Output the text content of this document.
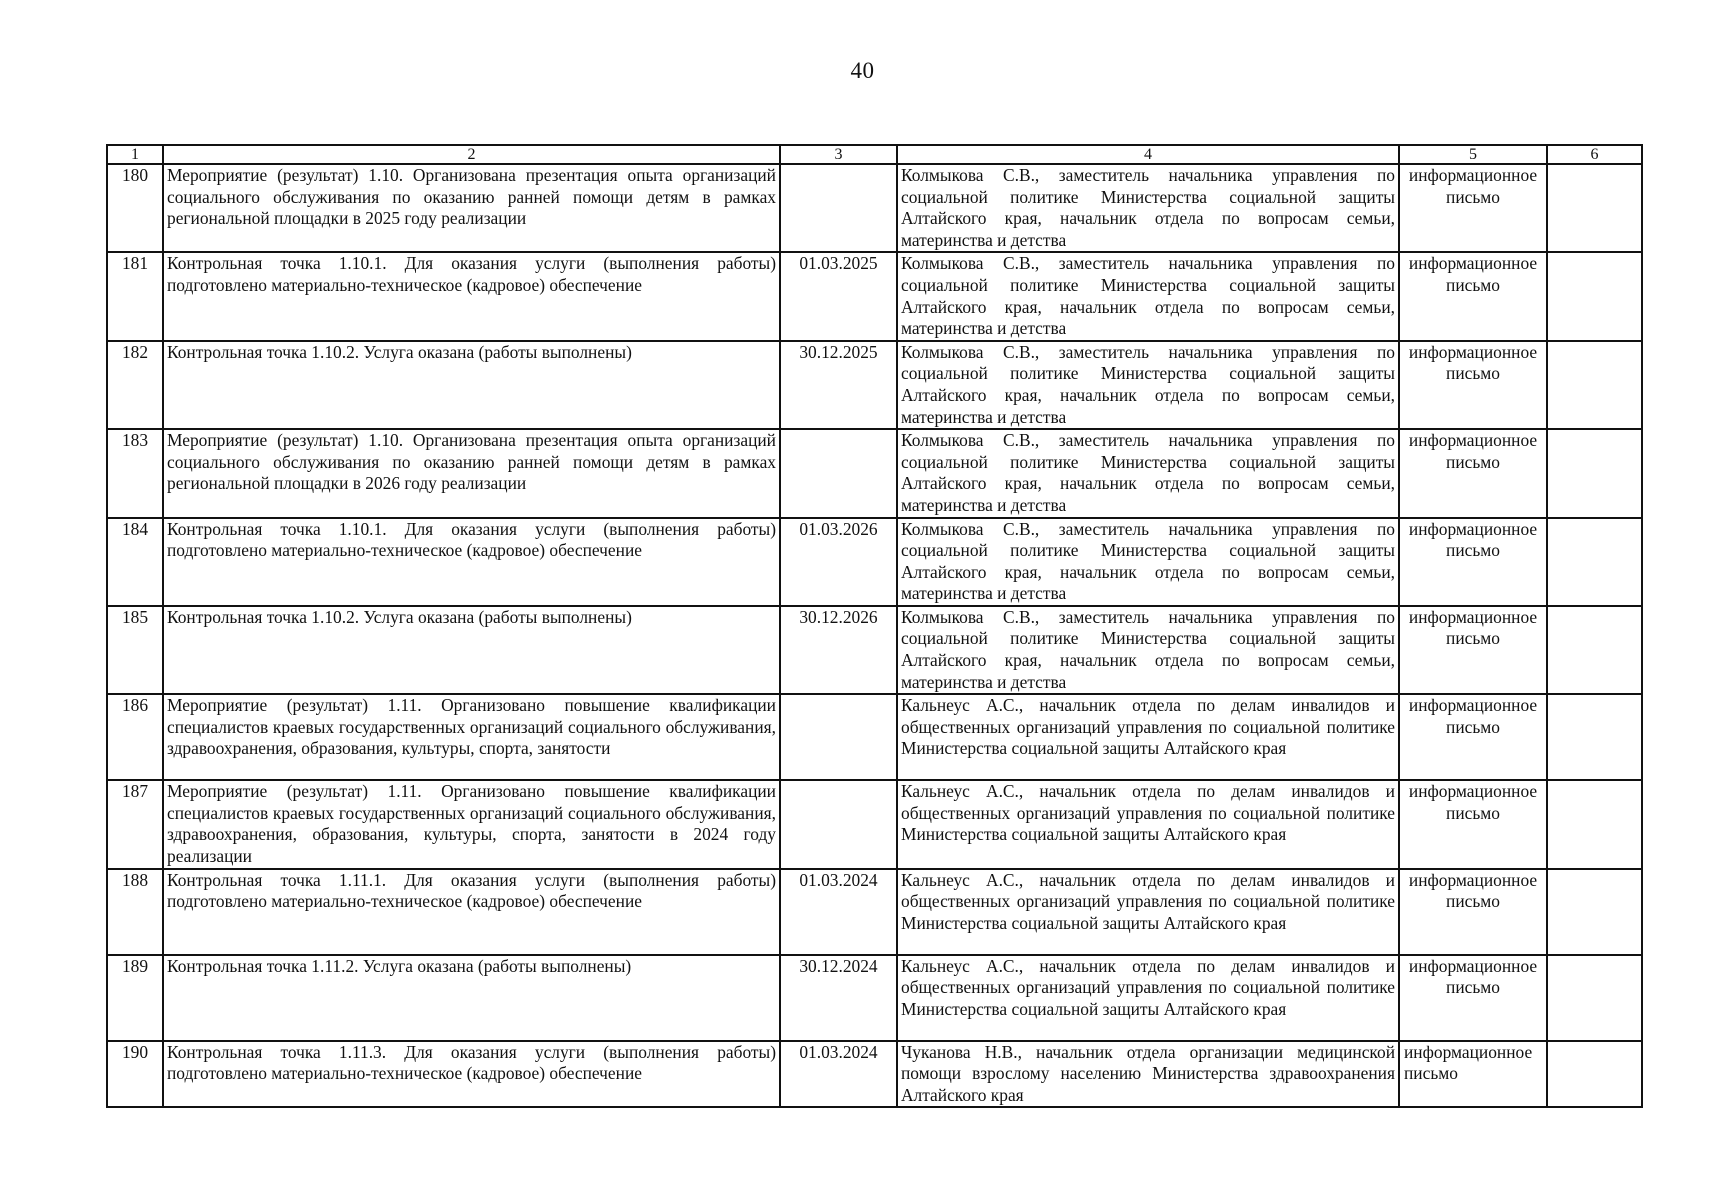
40
1	2	3	4	5	6
180	Мероприятие (результат) 1.10. Организована презентация опыта организаций социального обслуживания по оказанию ранней помощи детям в рамках региональной площадки в 2025 году реализации		Колмыкова С.В., заместитель начальника управления по социальной политике Министерства социальной защиты Алтайского края, начальник отдела по вопросам семьи, материнства и детства	информационное письмо	
181	Контрольная точка 1.10.1. Для оказания услуги (выполнения работы) подготовлено материально-техническое (кадровое) обеспечение	01.03.2025	Колмыкова С.В., заместитель начальника управления по социальной политике Министерства социальной защиты Алтайского края, начальник отдела по вопросам семьи, материнства и детства	информационное письмо	
182	Контрольная точка 1.10.2. Услуга оказана (работы выполнены)	30.12.2025	Колмыкова С.В., заместитель начальника управления по социальной политике Министерства социальной защиты Алтайского края, начальник отдела по вопросам семьи, материнства и детства	информационное письмо	
183	Мероприятие (результат) 1.10. Организована презентация опыта организаций социального обслуживания по оказанию ранней помощи детям в рамках региональной площадки в 2026 году реализации		Колмыкова С.В., заместитель начальника управления по социальной политике Министерства социальной защиты Алтайского края, начальник отдела по вопросам семьи, материнства и детства	информационное письмо	
184	Контрольная точка 1.10.1. Для оказания услуги (выполнения работы) подготовлено материально-техническое (кадровое) обеспечение	01.03.2026	Колмыкова С.В., заместитель начальника управления по социальной политике Министерства социальной защиты Алтайского края, начальник отдела по вопросам семьи, материнства и детства	информационное письмо	
185	Контрольная точка 1.10.2. Услуга оказана (работы выполнены)	30.12.2026	Колмыкова С.В., заместитель начальника управления по социальной политике Министерства социальной защиты Алтайского края, начальник отдела по вопросам семьи, материнства и детства	информационное письмо	
186	Мероприятие (результат) 1.11. Организовано повышение квалификации специалистов краевых государственных организаций социального обслуживания, здравоохранения, образования, культуры, спорта, занятости		Кальнеус А.С., начальник отдела по делам инвалидов и общественных организаций управления по социальной политике Министерства социальной защиты Алтайского края	информационное письмо	
187	Мероприятие (результат) 1.11. Организовано повышение квалификации специалистов краевых государственных организаций социального обслуживания, здравоохранения, образования, культуры, спорта, занятости в 2024 году реализации		Кальнеус А.С., начальник отдела по делам инвалидов и общественных организаций управления по социальной политике Министерства социальной защиты Алтайского края	информационное письмо	
188	Контрольная точка 1.11.1. Для оказания услуги (выполнения работы) подготовлено материально-техническое (кадровое) обеспечение	01.03.2024	Кальнеус А.С., начальник отдела по делам инвалидов и общественных организаций управления по социальной политике Министерства социальной защиты Алтайского края	информационное письмо	
189	Контрольная точка 1.11.2. Услуга оказана (работы выполнены)	30.12.2024	Кальнеус А.С., начальник отдела по делам инвалидов и общественных организаций управления по социальной политике Министерства социальной защиты Алтайского края	информационное письмо	
190	Контрольная точка 1.11.3. Для оказания услуги (выполнения работы) подготовлено материально-техническое (кадровое) обеспечение	01.03.2024	Чуканова Н.В., начальник отдела организации медицинской помощи взрослому населению Министерства здравоохранения Алтайского края	информационное письмо	
